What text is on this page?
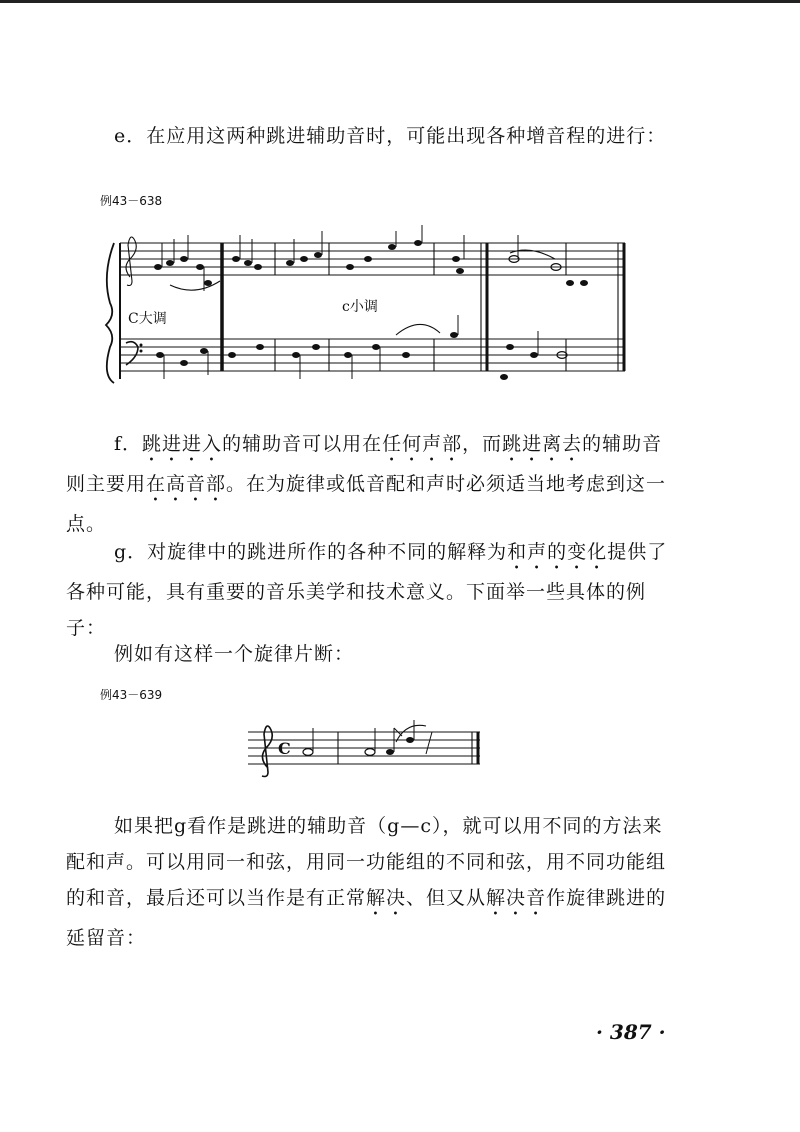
e．在应用这两种跳进辅助音时，可能出现各种增音程的进行：

例43－638
C大调
c小调

f．跳进进入的辅助音可以用在任何声部，而跳进离去的辅助音则主要用在高音部。在为旋律或低音配和声时必须适当地考虑到这一点。

g．对旋律中的跳进所作的各种不同的解释为和声的变化提供了各种可能，具有重要的音乐美学和技术意义。下面举一些具体的例子：

例如有这样一个旋律片断：

例43－639
C

如果把g看作是跳进的辅助音（g—c），就可以用不同的方法来配和声。可以用同一和弦，用同一功能组的不同和弦，用不同功能组的和音，最后还可以当作是有正常解决、但又从解决音作旋律跳进的延留音：

· 387 ·
